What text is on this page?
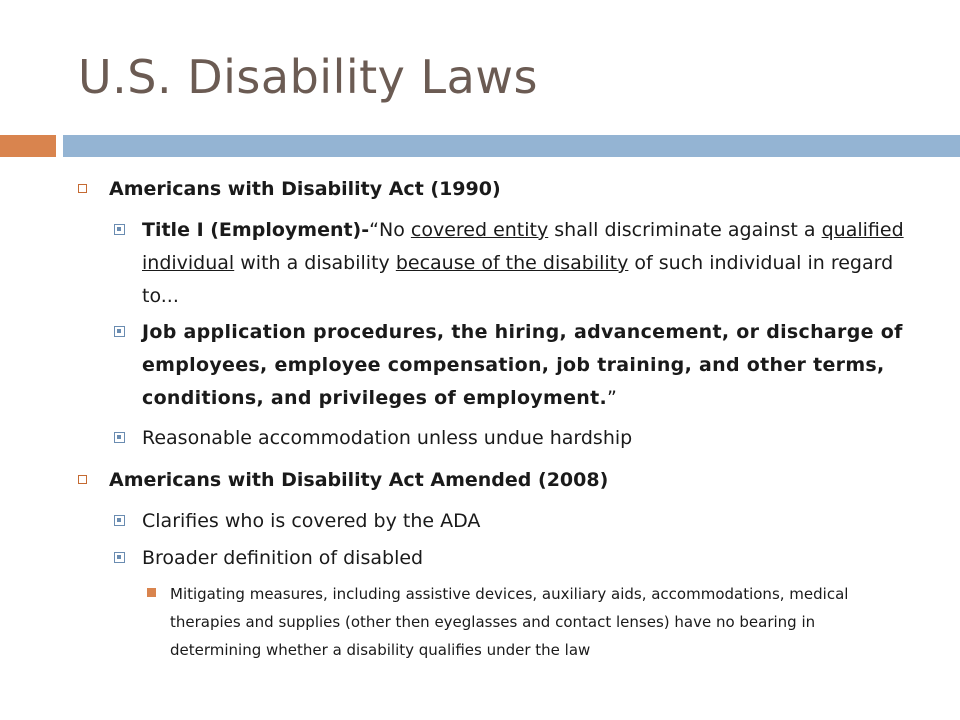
U.S. Disability Laws
Americans with Disability Act (1990)
Title I (Employment)-“No covered entity shall discriminate against a qualified individual with a disability because of the disability of such individual in regard to...
Job application procedures, the hiring, advancement, or discharge of employees, employee compensation, job training, and other terms, conditions, and privileges of employment.”
Reasonable accommodation unless undue hardship
Americans with Disability Act Amended (2008)
Clarifies who is covered by the ADA
Broader definition of disabled
Mitigating measures, including assistive devices, auxiliary aids, accommodations, medical therapies and supplies (other then eyeglasses and contact lenses) have no bearing in determining whether a disability qualifies under the law
